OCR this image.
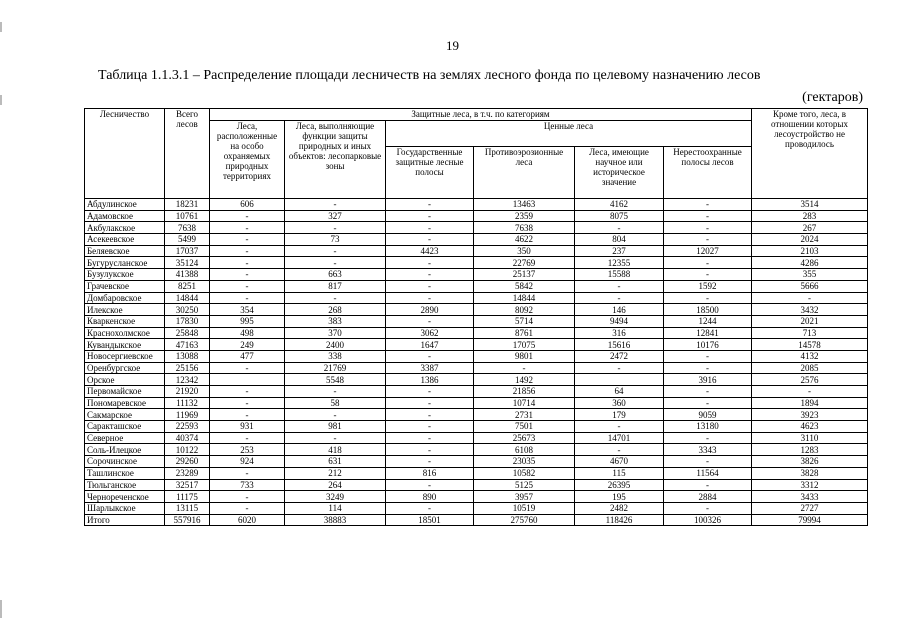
19
Таблица 1.1.3.1 – Распределение площади лесничеств на землях лесного фонда по целевому назначению лесов
(гектаров)
Лесничество	Всего лесов	Защитные леса, в т.ч. по категориям						Кроме того, леса, в отношении которых лесоустройство не проводилось
		Леса, расположенные на особо охраняемых природных территориях	Леса, выполняющие функции защиты природных и иных объектов: лесопарковые зоны	Ценные леса				
				Государственные защитные лесные полосы	Противоэрозионные леса	Леса, имеющие научное или историческое значение	Нерестоохранные полосы лесов	
Абдулинское	18231	606	-	-	13463	4162	-	3514
Адамовское	10761	-	327	-	2359	8075	-	283
Акбулакское	7638	-	-	-	7638	-	-	267
Асекеевское	5499	-	73	-	4622	804	-	2024
Беляевское	17037	-	-	4423	350	237	12027	2103
Бугурусланское	35124	-	-	-	22769	12355	-	4286
Бузулукское	41388	-	663	-	25137	15588	-	355
Грачевское	8251	-	817	-	5842	-	1592	5666
Домбаровское	14844	-	-	-	14844	-	-	-
Илекское	30250	354	268	2890	8092	146	18500	3432
Кваркенское	17830	995	383	-	5714	9494	1244	2021
Краснохолмское	25848	498	370	3062	8761	316	12841	713
Кувандыкское	47163	249	2400	1647	17075	15616	10176	14578
Новосергиевское	13088	477	338	-	9801	2472	-	4132
Оренбургское	25156	-	21769	3387	-	-	-	2085
Орское	12342		5548	1386	1492		3916	2576
Первомайское	21920	-	-	-	21856	64	-	-
Пономаревское	11132	-	58	-	10714	360	-	1894
Сакмарское	11969	-	-	-	2731	179	9059	3923
Саракташское	22593	931	981	-	7501	-	13180	4623
Северное	40374	-	-	-	25673	14701	-	3110
Соль-Илецкое	10122	253	418	-	6108	-	3343	1283
Сорочинское	29260	924	631	-	23035	4670	-	3826
Ташлинское	23289	-	212	816	10582	115	11564	3828
Тюльганское	32517	733	264	-	5125	26395	-	3312
Чернореченское	11175	-	3249	890	3957	195	2884	3433
Шарлыкское	13115	-	114	-	10519	2482	-	2727
Итого	557916	6020	38883	18501	275760	118426	100326	79994
